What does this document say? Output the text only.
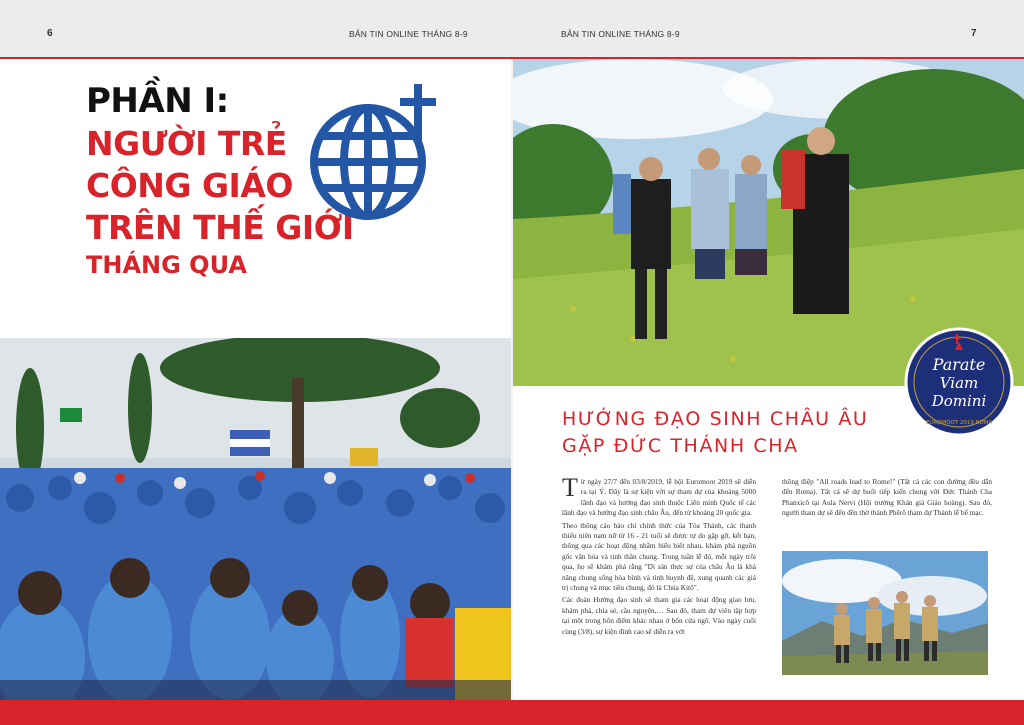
6	BẢN TIN ONLINE THÁNG 8-9	BẢN TIN ONLINE THÁNG 8-9	7
PHẦN I:
NGƯỜI TRẺ
CÔNG GIÁO
TRÊN THẾ GIỚI
THÁNG QUA
Parate
Viam
Domini
EUROMOOT 2019 ROMA
HƯỚNG ĐẠO SINH CHÂU ÂU
GẶP ĐỨC THÁNH CHA

Từ ngày 27/7 đến 03/8/2019, lễ hội Euromoot 2019 sẽ diễn ra tại Ý. Đây là sự kiện với sự tham dự của khoảng 5000 lãnh đạo và hướng đạo sinh thuộc Liên minh Quốc tế các lãnh đạo và hướng đạo sinh châu Âu, đến từ khoảng 20 quốc gia.

Theo thông cáo báo chí chính thức của Tòa Thánh, các thanh thiếu niên nam nữ từ 16 - 21 tuổi sẽ được tự do gặp gỡ, kết bạn, thông qua các hoạt động nhằm hiểu biết nhau, khám phá nguồn gốc văn hóa và tinh thần chung. Trong tuần lễ đó, mỗi ngày trôi qua, họ sẽ khám phá rằng "Di sản thực sự của châu Âu là khả năng chung sống hòa bình và tình huynh đệ, xung quanh các giá trị chung và mục tiêu chung, đó là Chúa Kitô".

Các đoàn Hướng đạo sinh sẽ tham gia các hoạt động giao lưu, khám phá, chia sẻ, cầu nguyện,… Sau đó, tham dự viên tập hợp tại một trong bốn điểm khác nhau ở bốn cửa ngõ. Vào ngày cuối cùng (3/8), sự kiện đỉnh cao sẽ diễn ra với

thông điệp "All roads lead to Rome!" (Tất cả các con đường đều dẫn đến Roma). Tất cả sẽ dự buổi tiếp kiến chung với Đức Thánh Cha Phanxicô tại Aula Nervi (Hội trường Khán giả Giáo hoàng). Sau đó, người tham dự sẽ đến đền thờ thánh Phêrô tham dự Thánh lễ bế mạc.
